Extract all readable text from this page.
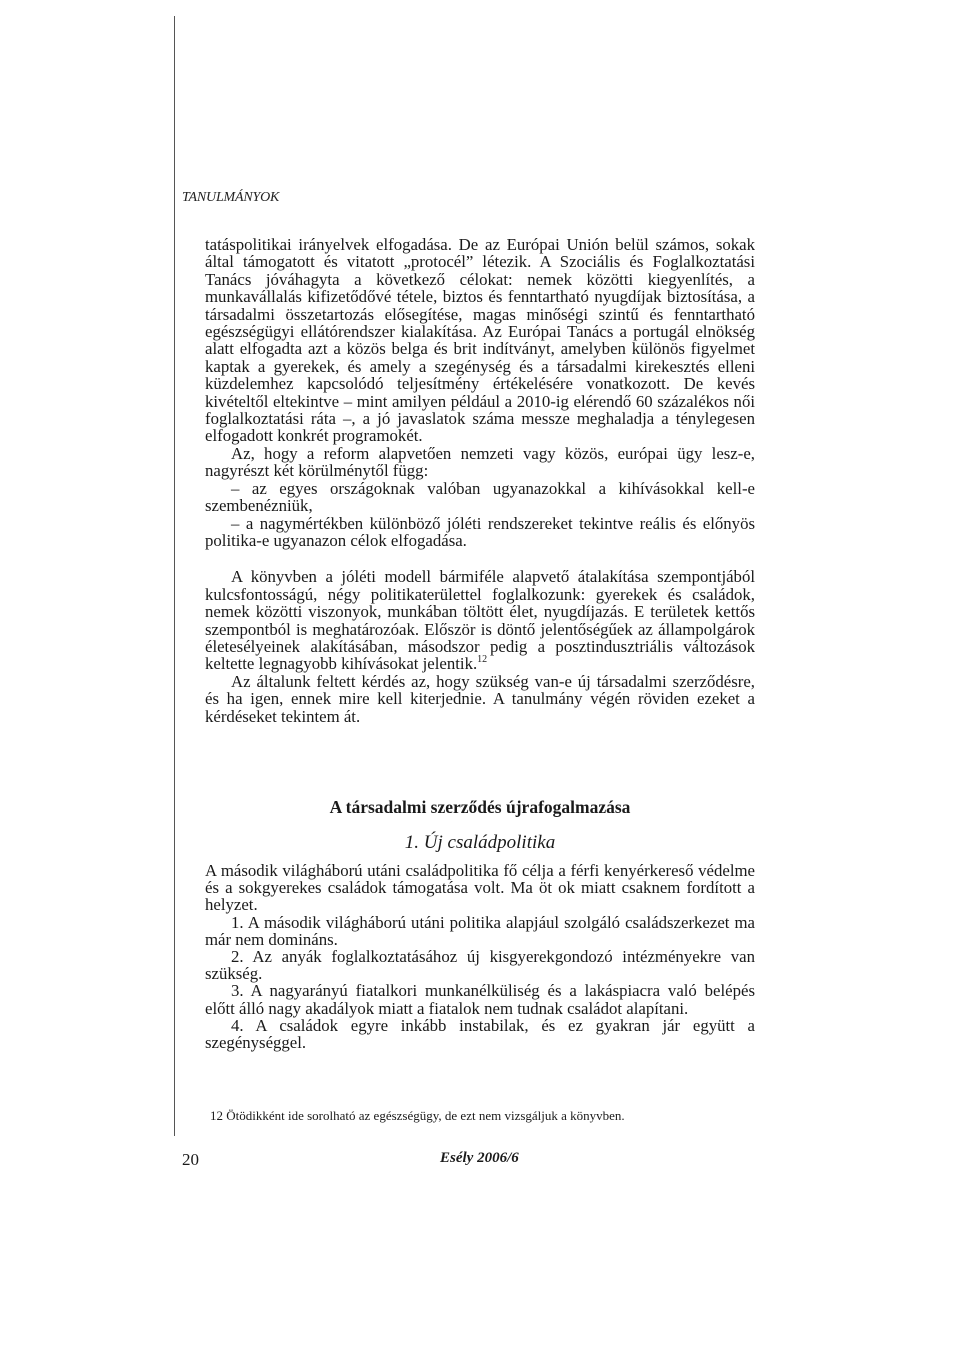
TANULMÁNYOK

tatáspolitikai irányelvek elfogadása. De az Európai Unión belül számos, sokak által támogatott és vitatott „protocél” létezik. A Szociális és Foglalkoztatási Tanács jóváhagyta a következő célokat: nemek közötti kiegyenlítés, a munkavállalás kifizetődővé tétele, biztos és fenntartható nyugdíjak biztosítása, a társadalmi összetartozás elősegítése, magas minőségi szintű és fenntartható egészségügyi ellátórendszer kialakítása. Az Európai Tanács a portugál elnökség alatt elfogadta azt a közös belga és brit indítványt, amelyben különös figyelmet kaptak a gyerekek, és amely a szegénység és a társadalmi kirekesztés elleni küzdelemhez kapcsolódó teljesítmény értékelésére vonatkozott. De kevés kivételtől eltekintve – mint amilyen például a 2010-ig elérendő 60 százalékos női foglalkoztatási ráta –, a jó javaslatok száma messze meghaladja a ténylegesen elfogadott konkrét programokét.

Az, hogy a reform alapvetően nemzeti vagy közös, európai ügy lesz-e, nagyrészt két körülménytől függ:

– az egyes országoknak valóban ugyanazokkal a kihívásokkal kell-e szembenézniük,

– a nagymértékben különböző jóléti rendszereket tekintve reális és előnyös politika-e ugyanazon célok elfogadása.

A könyvben a jóléti modell bármiféle alapvető átalakítása szempontjából kulcsfontosságú, négy politikaterülettel foglalkozunk: gyerekek és családok, nemek közötti viszonyok, munkában töltött élet, nyugdíjazás. E területek kettős szempontból is meghatározóak. Először is döntő jelentőségűek az állampolgárok életesélyeinek alakításában, másodszor pedig a posztindusztriális változások keltette legnagyobb kihívásokat jelentik.$^{12}$

Az általunk feltett kérdés az, hogy szükség van-e új társadalmi szerződésre, és ha igen, ennek mire kell kiterjednie. A tanulmány végén röviden ezeket a kérdéseket tekintem át.

A társadalmi szerződés újrafogalmazása
1. Új családpolitika

A második világháború utáni családpolitika fő célja a férfi kenyérkereső védelme és a sokgyerekes családok támogatása volt. Ma öt ok miatt csaknem fordított a helyzet.

1. A második világháború utáni politika alapjául szolgáló családszerkezet ma már nem domináns.

2. Az anyák foglalkoztatásához új kisgyerekgondozó intézményekre van szükség.

3. A nagyarányú fiatalkori munkanélküliség és a lakáspiacra való belépés előtt álló nagy akadályok miatt a fiatalok nem tudnak családot alapítani.

4. A családok egyre inkább instabilak, és ez gyakran jár együtt a szegénységgel.

12 Ötödikként ide sorolható az egészségügy, de ezt nem vizsgáljuk a könyvben.
20	Esély 2006/6
